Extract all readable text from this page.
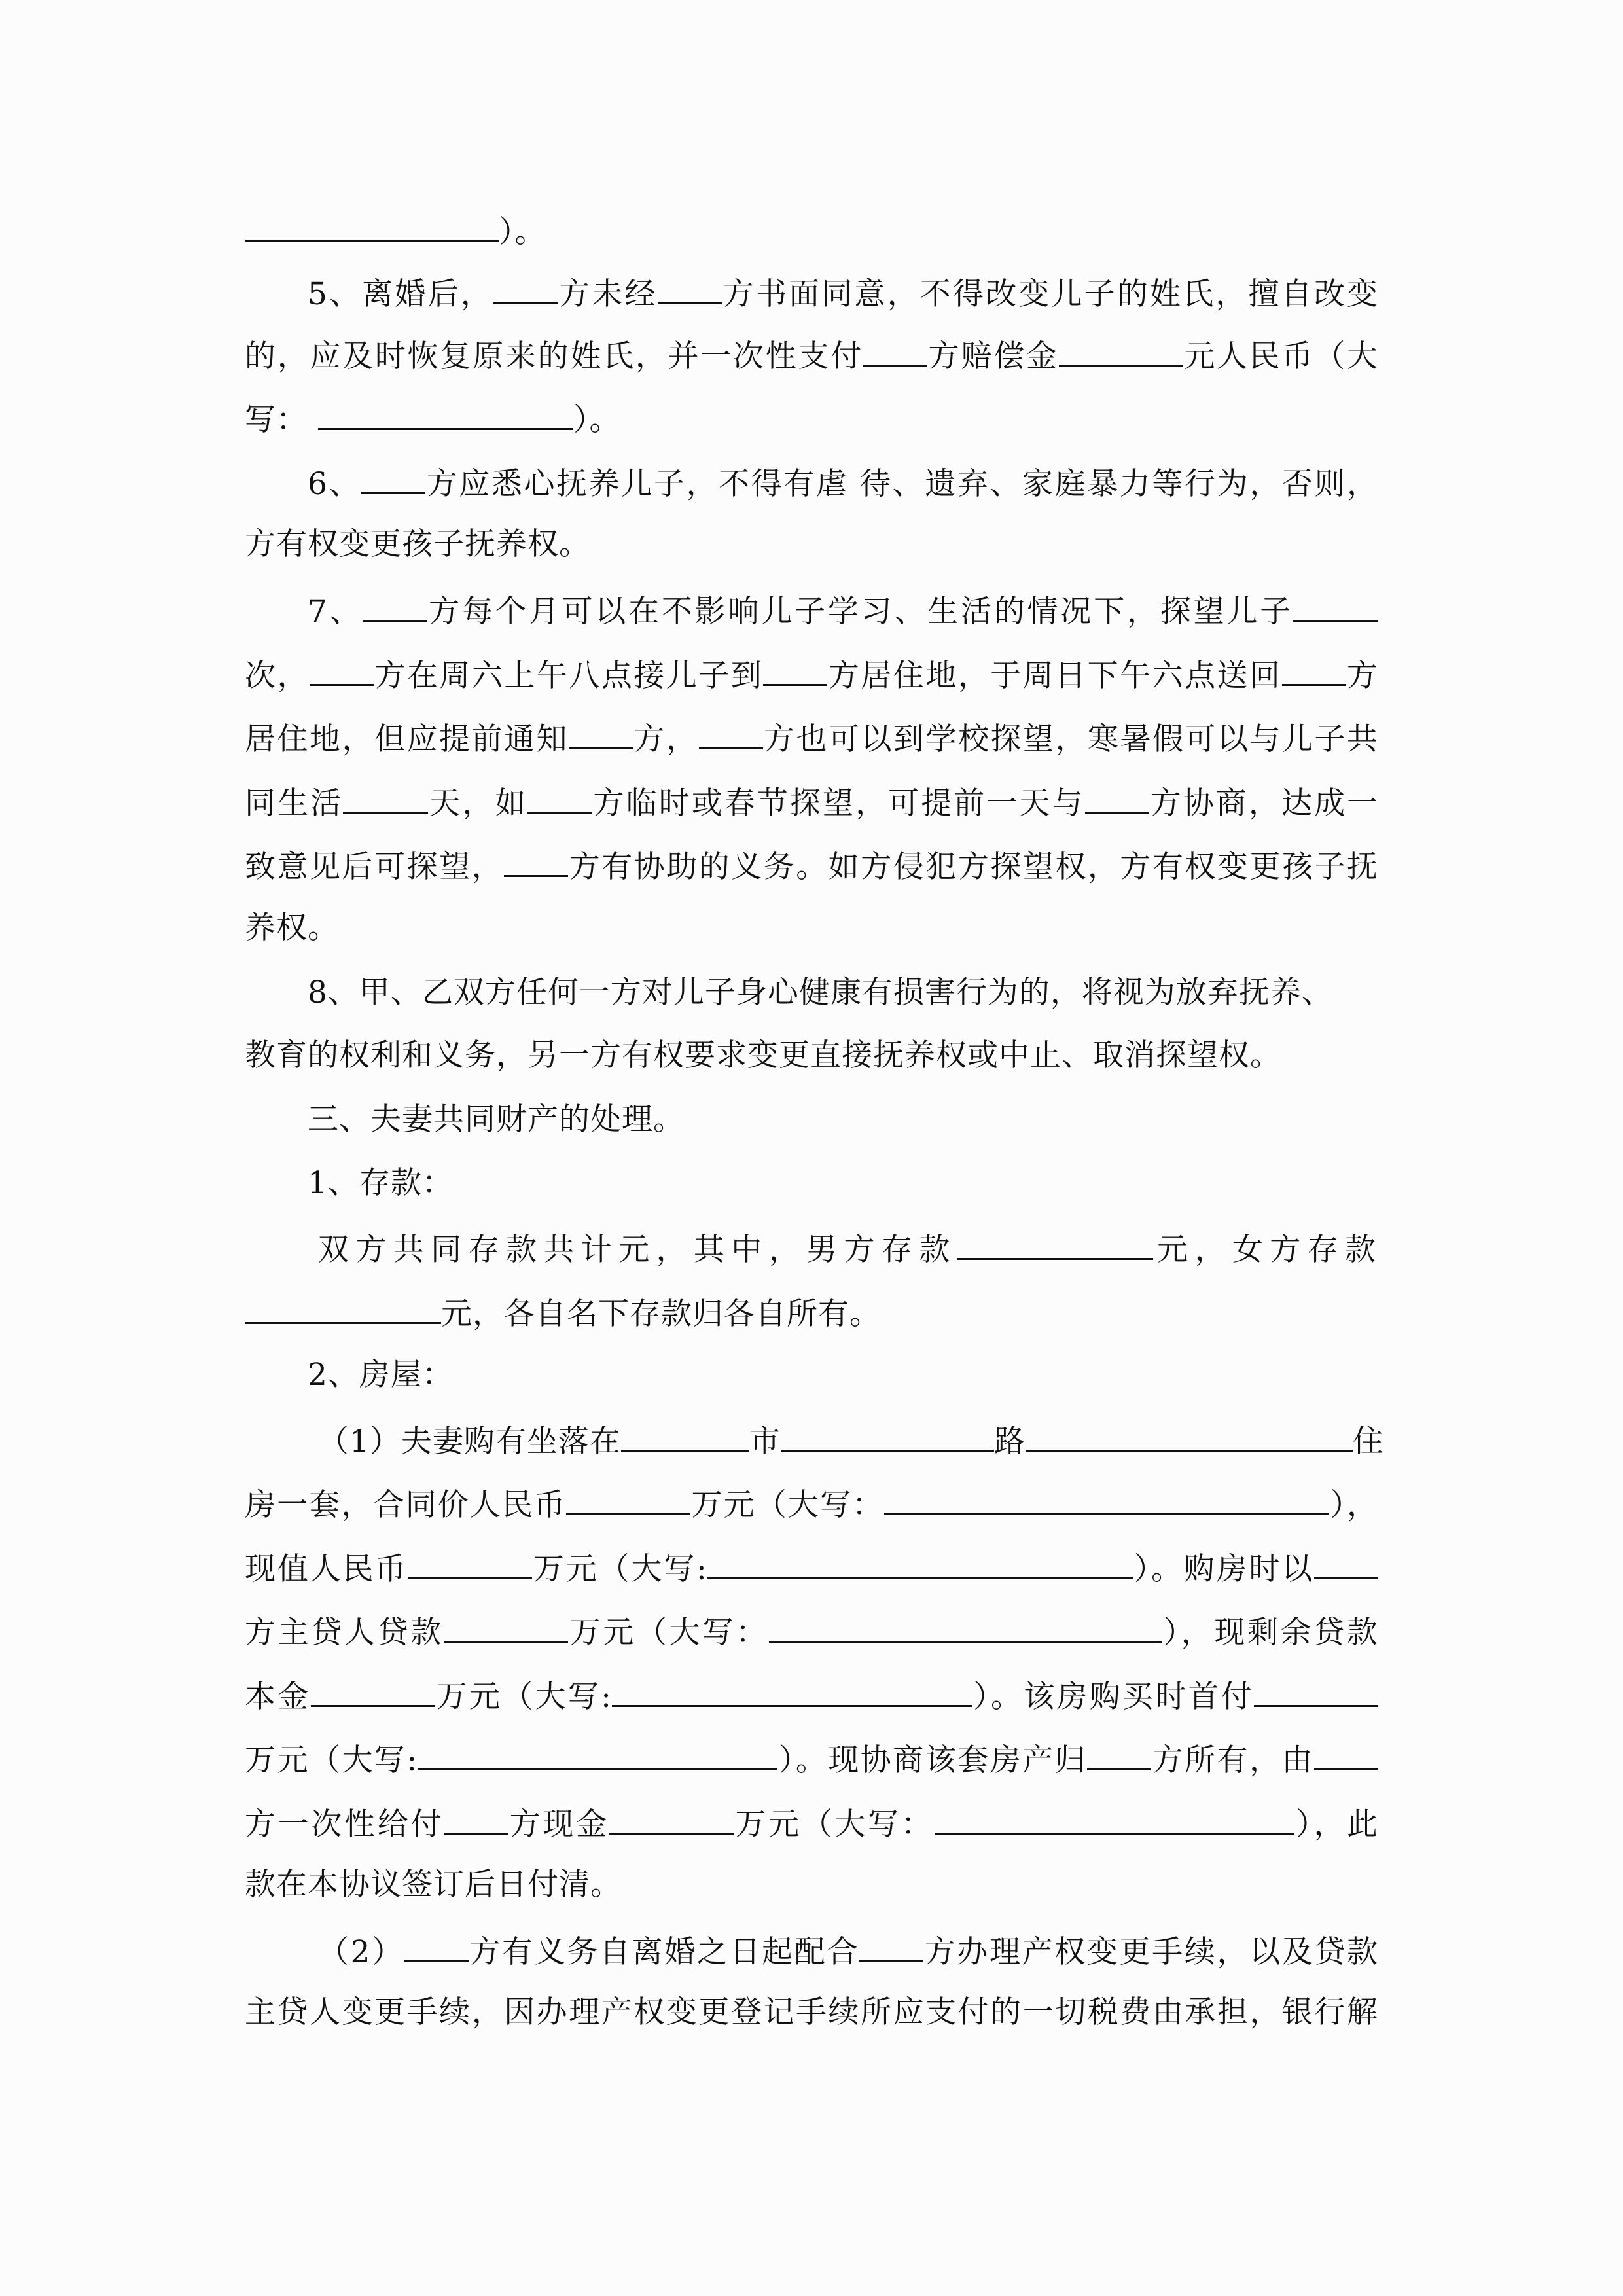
）。
5、离婚后， 方未经 方书面同意，不得改变儿子的姓氏，擅自改变
的，应及时恢复原来的姓氏，并一次性支付 方赔偿金	元人民币（大
写：	）。
6、 方应悉心抚养儿子，不得有虐 待、遗弃、家庭暴力等行为，否则，
方有权变更孩子抚养权。
7、 方每个月可以在不影响儿子学习、生活的情况下，探望儿子
次， 方在周六上午八点接儿子到 方居住地，于周日下午六点送回 方
居住地，但应提前通知 方， 方也可以到学校探望，寒暑假可以与儿子共
同生活	天，如 方临时或春节探望，可提前一天与 方协商，达成一
致意见后可探望， 方有协助的义务。如方侵犯方探望权，方有权变更孩子抚
养权。
8、甲、乙双方任何一方对儿子身心健康有损害行为的，将视为放弃抚养、
教育的权利和义务，另一方有权要求变更直接抚养权或中止、取消探望权。
三、夫妻共同财产的处理。
1、存款：
双方共同存款共计元，其中，男方存款	元，女方存款
元，各自名下存款归各自所有。
2、房屋：
（1）夫妻购有坐落在	市	路	住
房一套，合同价人民币	万元（大写：	），
现值人民币	万元（大写:	）。购房时以
方主贷人贷款	万元（大写：	），现剩余贷款
本金	万元（大写:	）。该房购买时首付
万元（大写:	）。现协商该套房产归 方所有，由
方一次性给付 方现金	万元（大写：	），此
款在本协议签订后日付清。
（2） 方有义务自离婚之日起配合 方办理产权变更手续，以及贷款
主贷人变更手续，因办理产权变更登记手续所应支付的一切税费由承担，银行解
